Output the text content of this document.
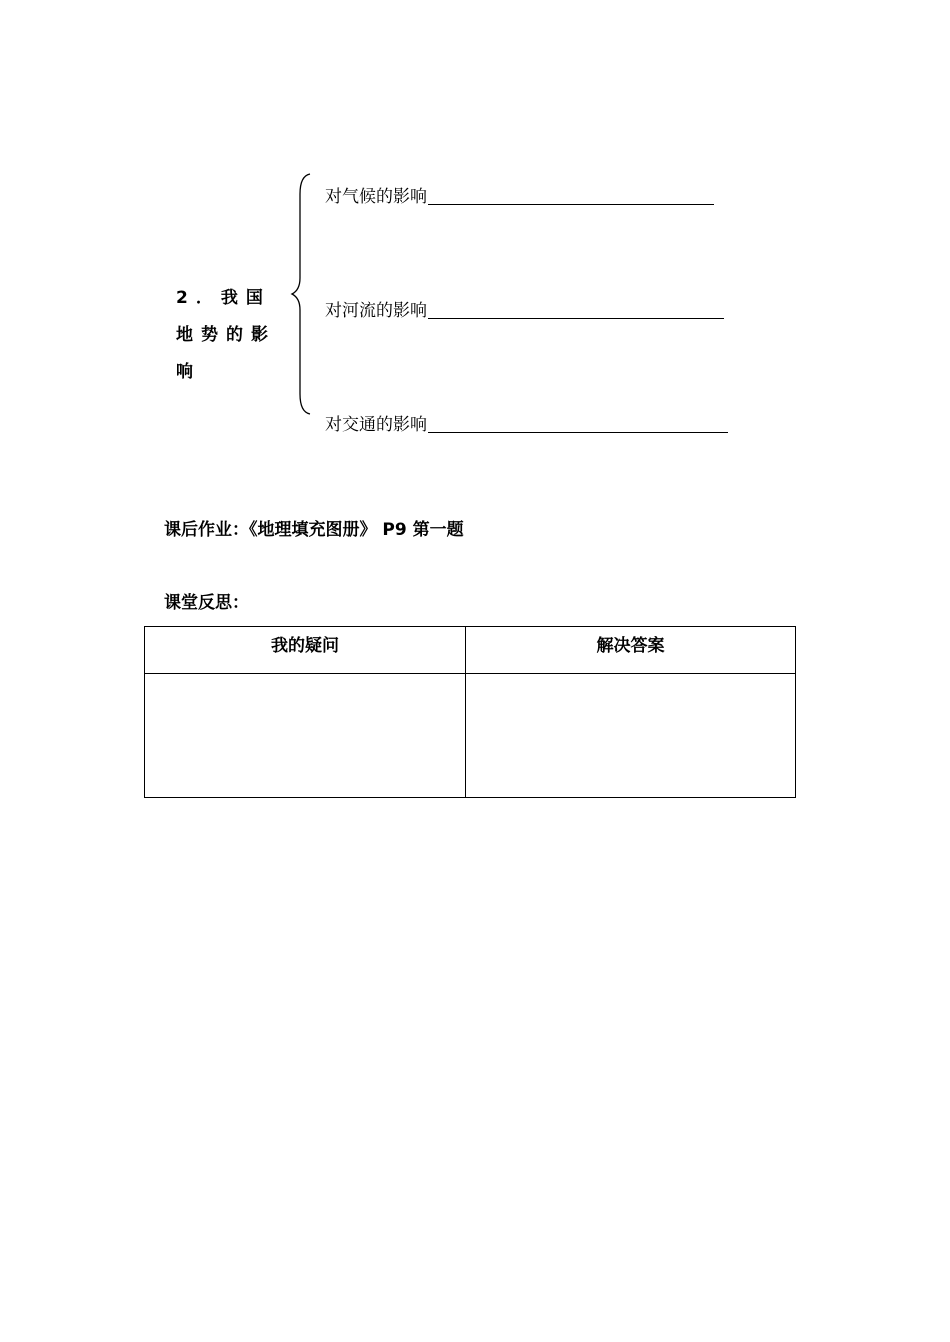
2．我国
地势的影
响
对气候的影响
对河流的影响
对交通的影响
课后作业：《地理填充图册》 P9 第一题
课堂反思：
我的疑问	解决答案
